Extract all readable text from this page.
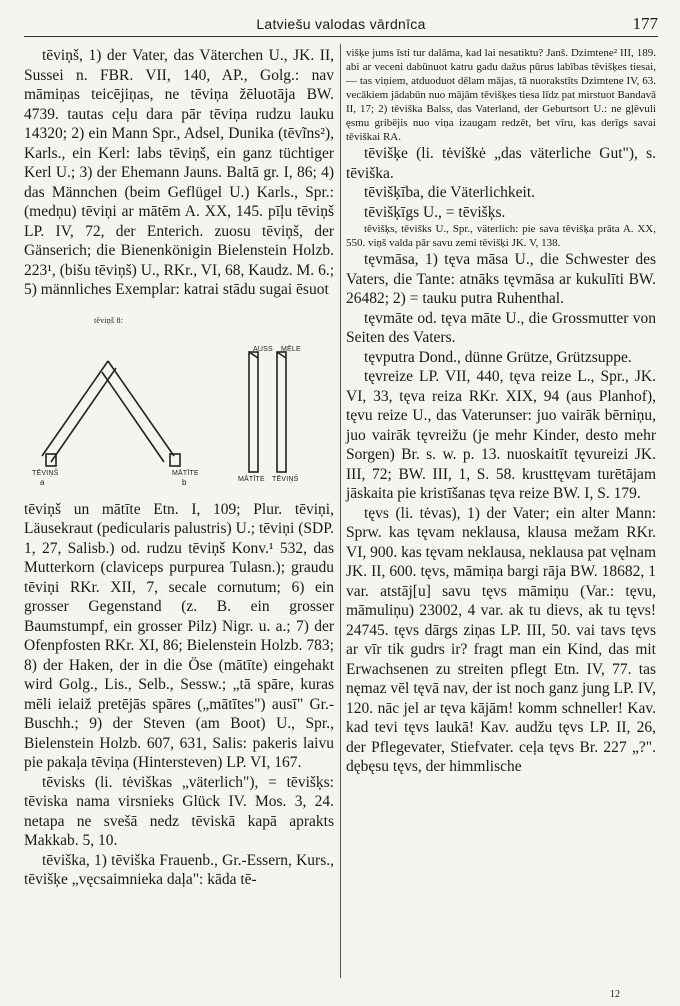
Latviešu valodas vārdnīca	177

tēviņš, 1) der Vater, das Väterchen U., JK. II, Sussei n. FBR. VII, 140, AP., Golg.: nav māmiņas teicējiņas, ne tēviņa žēluotāja BW. 4739. tautas ceļu dara pār tēviņa rudzu lauku 14320; 2) ein Mann Spr., Adsel, Dunika (tēvĩns²), Karls., ein Kerl: labs tēviņš, ein ganz tüchtiger Kerl U.; 3) der Ehemann Jauns. Baltā gr. I, 86; 4) das Männchen (beim Geflügel U.) Karls., Spr.: (medņu) tēviņi ar mātēm A. XX, 145. pīļu tēviņš LP. IV, 72, der Enterich. zuosu tēviņš, der Gänserich; die Bienenkönigin Bielenstein Holzb. 223¹, (bišu tēviņš) U., RKr., VI, 68, Kaudz. M. 6.; 5) männliches Exemplar: katrai stādu sugai ēsuot

tēviņš 8:
AUSS MĒLE
TĒVIŅŠ
a
MĀTĪTE
b	MĀTĪTE TĒVIŅŠ

tēviņš un mātīte Etn. I, 109; Plur. tēviņi, Läusekraut (pedicularis palustris) U.; tēviņi (SDP. 1, 27, Salisb.) od. rudzu tēviņš Konv.¹ 532, das Mutterkorn (claviceps purpurea Tulasn.); graudu tēviņi RKr. XII, 7, secale cornutum; 6) ein grosser Gegenstand (z. B. ein grosser Baumstumpf, ein grosser Pilz) Nigr. u. a.; 7) der Ofenpfosten RKr. XI, 86; Bielenstein Holzb. 783; 8) der Haken, der in die Öse (mātīte) eingehakt wird Golg., Lis., Selb., Sessw.; „tā spāre, kuras mēli ielaiž pretējās spāres („mātītes") ausī" Gr.-Buschh.; 9) der Steven (am Boot) U., Spr., Bielenstein Holzb. 607, 631, Salis: pakeris laivu pie pakaļa tēviņa (Hintersteven) LP. VI, 167.

tēvisks (li. tėviškas „väterlich"), = tēvišķs: tēviska nama virsnieks Glück IV. Mos. 3, 24. netapa ne svešā nedz tēviskā kapā aprakts Makkab. 5, 10.

tēviška, 1) tēviška Frauenb., Gr.-Essern, Kurs., tēvišķe „vęcsaimnieka daļa": kāda tē-

višķe jums īsti tur dalāma, kad lai nesatiktu? Janš. Dzimtene² III, 189. abi ar veceni dabūnuot katru gadu dažus pūrus labības tēvišķes tiesai, — tas viņiem, atduoduot dēlam mājas, tā nuorakstīts Dzimtene IV, 63. vecākiem jādabūn nuo mājām tēvišķes tiesa līdz pat mirstuot Bandavā II, 17; 2) tēviška Balss, das Vaterland, der Geburtsort U.: ne gļēvuli ęsmu gribējis nuo viņa izaugam redzēt, bet vīru, kas derīgs savai tēviškai RA.

tēvišķe (li. tėviškė „das väterliche Gut"), s. tēviška.

tēvišķība, die Väterlichkeit.

tēvišķīgs U., = tēvišķs.

tēvišķs, tēvišks U., Spr., väterlich: pie sava tēvišķa prāta A. XX, 550. viņš valda pār savu zemi tēvišķi JK. V, 138.

tęvmāsa, 1) tęva māsa U., die Schwester des Vaters, die Tante: atnāks tęvmāsa ar kukulīti BW. 26482; 2) = tauku putra Ruhenthal.

tęvmāte od. tęva māte U., die Grossmutter von Seiten des Vaters.

tęvputra Dond., dünne Grütze, Grützsuppe.

tęvreize LP. VII, 440, tęva reize L., Spr., JK. VI, 33, tęva reiza RKr. XIX, 94 (aus Planhof), tęvu reize U., das Vaterunser: juo vairāk bērniņu, juo vairāk tęvreižu (je mehr Kinder, desto mehr Sorgen) Br. s. w. p. 13. nuoskaitīt tęvureizi JK. III, 72; BW. III, 1, S. 58. krusttęvam turētājam jāskaita pie kristīšanas tęva reize BW. I, S. 179.

tęvs (li. tėvas), 1) der Vater; ein alter Mann: Sprw. kas tęvam neklausa, klausa mežam RKr. VI, 900. kas tęvam neklausa, neklausa pat vęlnam JK. II, 600. tęvs, māmiņa bargi rāja BW. 18682, 1 var. atstāj[u] savu tęvs māmiņu (Var.: tęvu, māmuliņu) 23002, 4 var. ak tu dievs, ak tu tęvs! 24745. tęvs dārgs ziņas LP. III, 50. vai tavs tęvs ar vīr tik gudrs ir? fragt man ein Kind, das mit Erwachsenen zu streiten pflegt Etn. IV, 77. tas nęmaz vēl tęvā nav, der ist noch ganz jung LP. IV, 120. nāc jel ar tęva kājām! komm schneller! Kav. kad tevi tęvs laukā! Kav. audžu tęvs LP. II, 26, der Pflegevater, Stiefvater. ceļa tęvs Br. 227 „?". dębęsu tęvs, der himmlische

12
